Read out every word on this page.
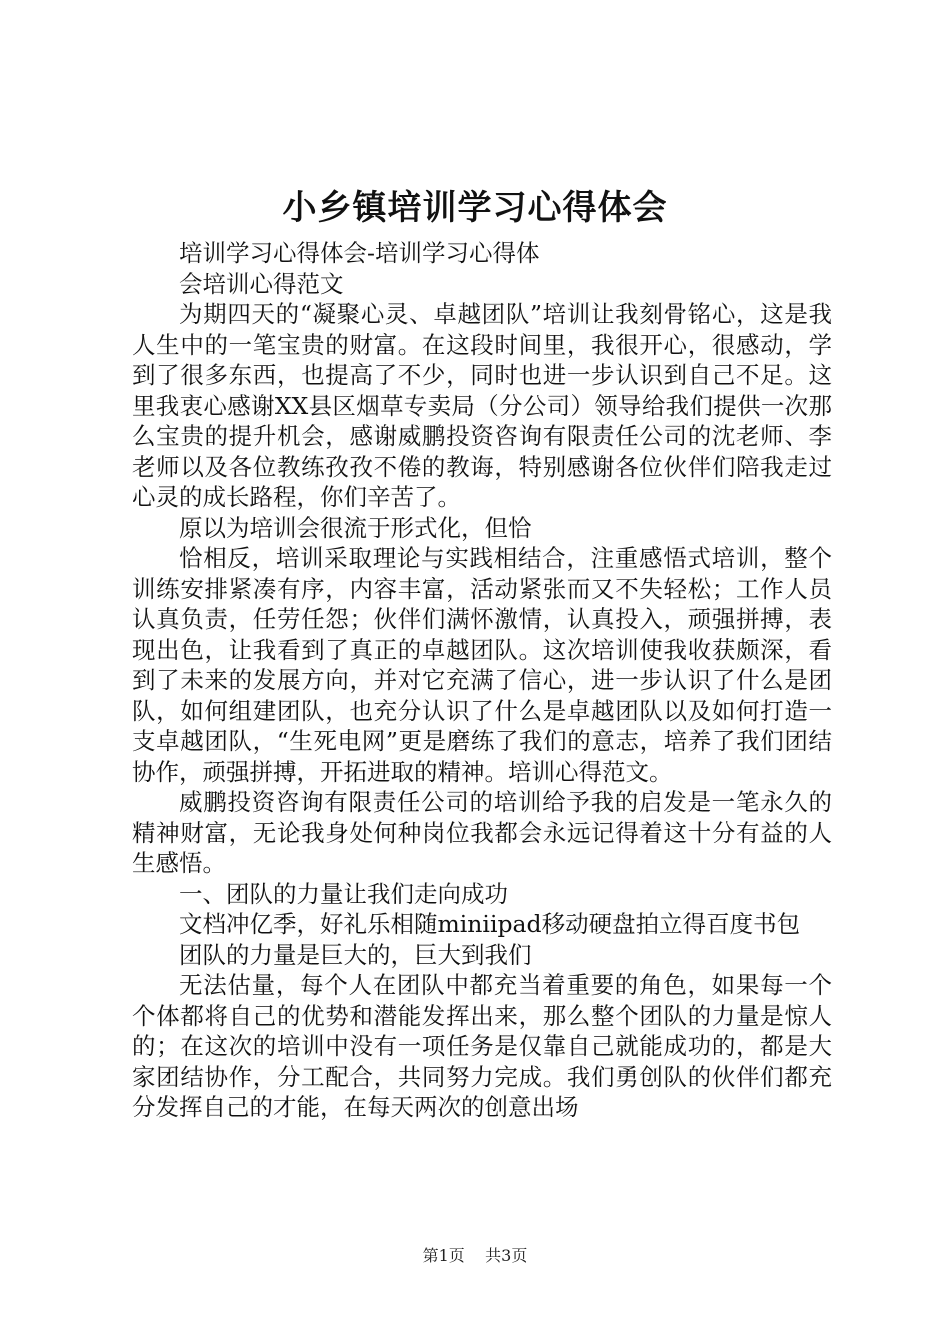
小乡镇培训学习心得体会

培训学习心得体会-培训学习心得体

会培训心得范文

为期四天的“凝聚心灵、卓越团队”培训让我刻骨铭心，这是我人生中的一笔宝贵的财富。在这段时间里，我很开心，很感动，学到了很多东西，也提高了不少，同时也进一步认识到自己不足。这里我衷心感谢XX县区烟草专卖局（分公司）领导给我们提供一次那么宝贵的提升机会，感谢威鹏投资咨询有限责任公司的沈老师、李老师以及各位教练孜孜不倦的教诲，特别感谢各位伙伴们陪我走过心灵的成长路程，你们辛苦了。

原以为培训会很流于形式化，但恰

恰相反，培训采取理论与实践相结合，注重感悟式培训，整个训练安排紧凑有序，内容丰富，活动紧张而又不失轻松；工作人员认真负责，任劳任怨；伙伴们满怀激情，认真投入，顽强拼搏，表现出色，让我看到了真正的卓越团队。这次培训使我收获颇深，看到了未来的发展方向，并对它充满了信心，进一步认识了什么是团队，如何组建团队，也充分认识了什么是卓越团队以及如何打造一支卓越团队，“生死电网”更是磨练了我们的意志，培养了我们团结协作，顽强拼搏，开拓进取的精神。培训心得范文。

威鹏投资咨询有限责任公司的培训给予我的启发是一笔永久的精神财富，无论我身处何种岗位我都会永远记得着这十分有益的人生感悟。

一、团队的力量让我们走向成功

文档冲亿季，好礼乐相随miniipad移动硬盘拍立得百度书包

团队的力量是巨大的，巨大到我们

无法估量，每个人在团队中都充当着重要的角色，如果每一个个体都将自己的优势和潜能发挥出来，那么整个团队的力量是惊人的；在这次的培训中没有一项任务是仅靠自己就能成功的，都是大家团结协作，分工配合，共同努力完成。我们勇创队的伙伴们都充分发挥自己的才能，在每天两次的创意出场

第1页 共3页
